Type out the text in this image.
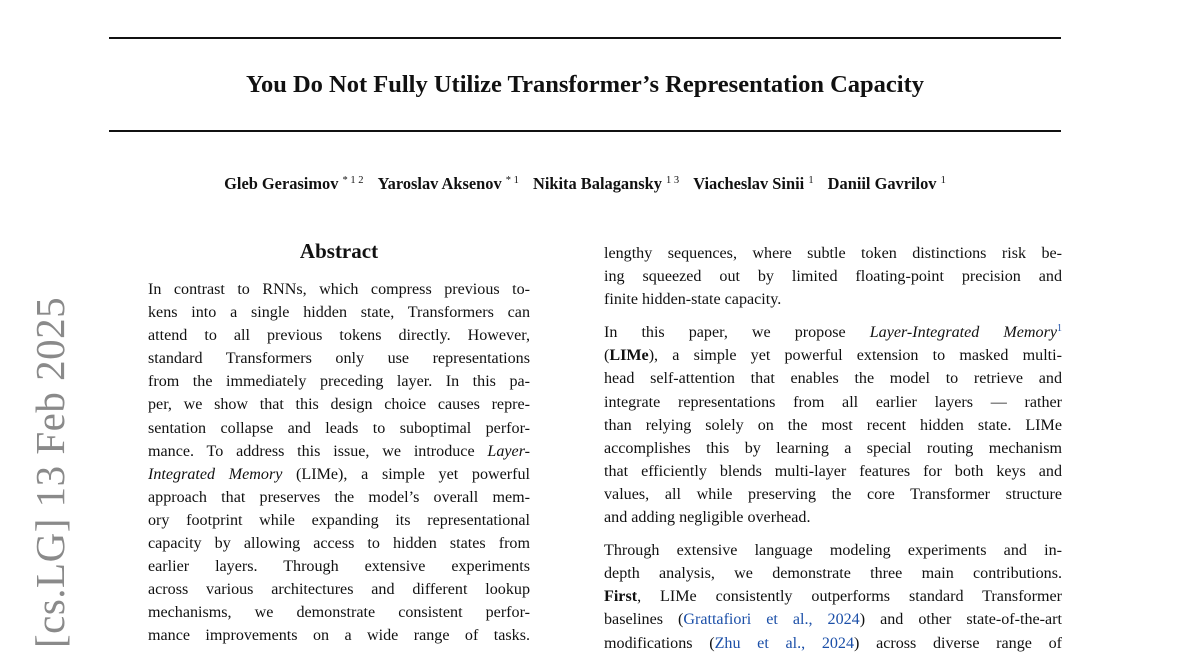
You Do Not Fully Utilize Transformer’s Representation Capacity
Gleb Gerasimov $^{* 1 2}$ Yaroslav Aksenov $^{* 1}$ Nikita Balagansky $^{1 3}$ Viacheslav Sinii $^1$ Daniil Gavrilov $^1$
[cs.LG] 13 Feb 2025
Abstract
In contrast to RNNs, which compress previous to-
kens into a single hidden state, Transformers can
attend to all previous tokens directly. However,
standard Transformers only use representations
from the immediately preceding layer. In this pa-
per, we show that this design choice causes repre-
sentation collapse and leads to suboptimal perfor-
mance. To address this issue, we introduce Layer-
Integrated Memory (LIMe), a simple yet powerful
approach that preserves the model’s overall mem-
ory footprint while expanding its representational
capacity by allowing access to hidden states from
earlier layers. Through extensive experiments
across various architectures and different lookup
mechanisms, we demonstrate consistent perfor-
mance improvements on a wide range of tasks.
lengthy sequences, where subtle token distinctions risk be-
ing squeezed out by limited floating-point precision and
finite hidden-state capacity.
In this paper, we propose Layer-Integrated Memory$^1$
(LIMe), a simple yet powerful extension to masked multi-
head self-attention that enables the model to retrieve and
integrate representations from all earlier layers — rather
than relying solely on the most recent hidden state. LIMe
accomplishes this by learning a special routing mechanism
that efficiently blends multi-layer features for both keys and
values, all while preserving the core Transformer structure
and adding negligible overhead.
Through extensive language modeling experiments and in-
depth analysis, we demonstrate three main contributions.
First, LIMe consistently outperforms standard Transformer
baselines (Grattafiori et al., 2024) and other state-of-the-art
modifications (Zhu et al., 2024) across diverse range of
